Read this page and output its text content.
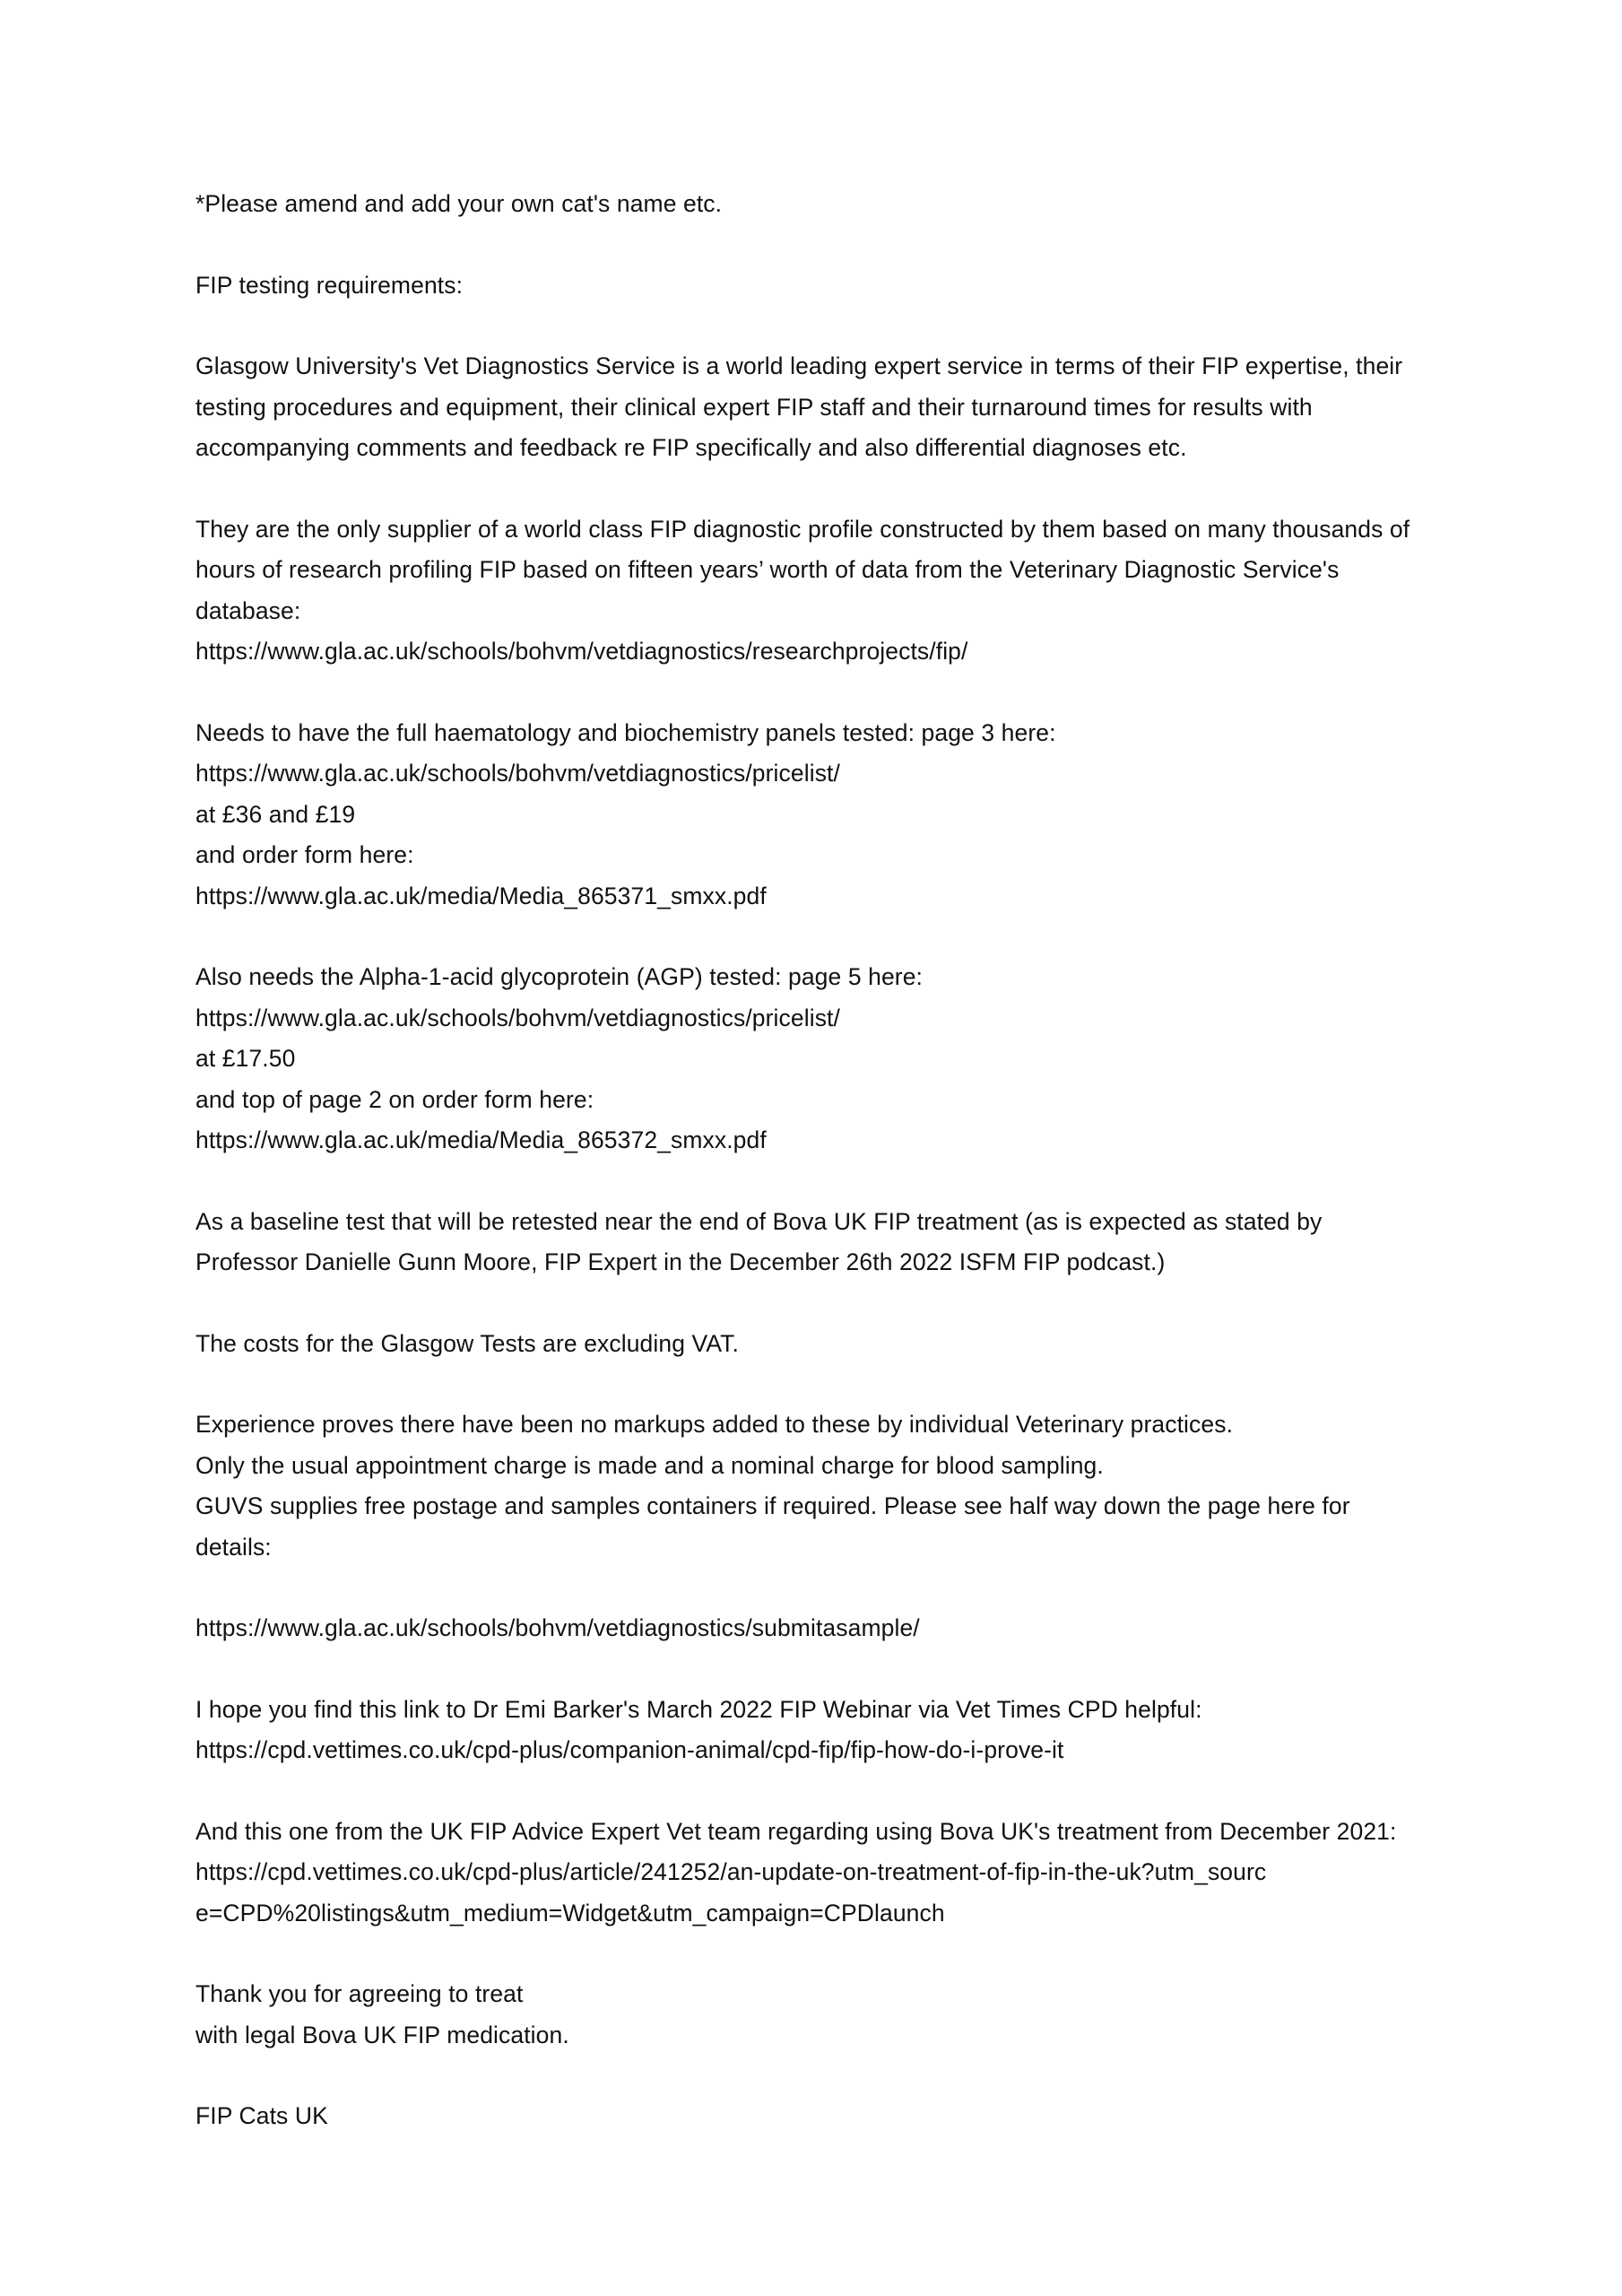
*Please amend and add your own cat's name etc.

FIP testing requirements:

Glasgow University's Vet Diagnostics Service is a world leading expert service in terms of their FIP expertise, their testing procedures and equipment, their clinical expert FIP staff and their turnaround times for results with accompanying comments and feedback re FIP specifically and also differential diagnoses etc.

They are the only supplier of a world class FIP diagnostic profile constructed by them based on many thousands of hours of research profiling FIP based on fifteen years’ worth of data from the Veterinary Diagnostic Service's database:
https://www.gla.ac.uk/schools/bohvm/vetdiagnostics/researchprojects/fip/

Needs to have the full haematology and biochemistry panels tested: page 3 here:
https://www.gla.ac.uk/schools/bohvm/vetdiagnostics/pricelist/
at £36 and £19
and order form here:
https://www.gla.ac.uk/media/Media_865371_smxx.pdf

Also needs the Alpha-1-acid glycoprotein (AGP) tested: page 5 here:
https://www.gla.ac.uk/schools/bohvm/vetdiagnostics/pricelist/
at £17.50
and top of page 2 on order form here:
https://www.gla.ac.uk/media/Media_865372_smxx.pdf

As a baseline test that will be retested near the end of Bova UK FIP treatment (as is expected as stated by Professor Danielle Gunn Moore, FIP Expert in the December 26th 2022 ISFM FIP podcast.)

The costs for the Glasgow Tests are excluding VAT.

Experience proves there have been no markups added to these by individual Veterinary practices.
Only the usual appointment charge is made and a nominal charge for blood sampling.
GUVS supplies free postage and samples containers if required. Please see half way down the page here for details:

https://www.gla.ac.uk/schools/bohvm/vetdiagnostics/submitasample/

I hope you find this link to Dr Emi Barker's March 2022 FIP Webinar via Vet Times CPD helpful:
https://cpd.vettimes.co.uk/cpd-plus/companion-animal/cpd-fip/fip-how-do-i-prove-it

And this one from the UK FIP Advice Expert Vet team regarding using Bova UK's treatment from December 2021:
https://cpd.vettimes.co.uk/cpd-plus/article/241252/an-update-on-treatment-of-fip-in-the-uk?utm_sourc
e=CPD%20listings&utm_medium=Widget&utm_campaign=CPDlaunch

Thank you for agreeing to treat
with legal Bova UK FIP medication.

FIP Cats UK
